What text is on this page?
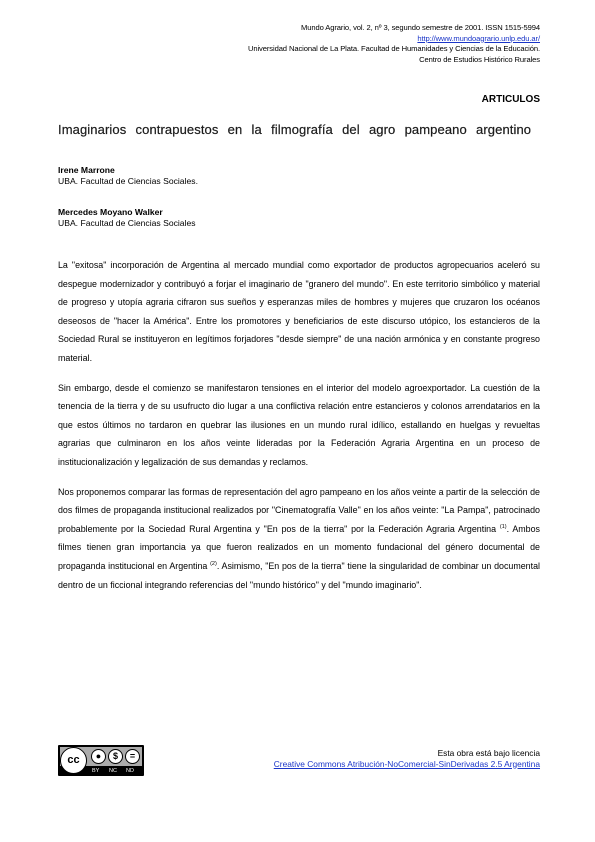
Mundo Agrario, vol. 2, nº 3, segundo semestre de 2001. ISSN 1515-5994
http://www.mundoagrario.unlp.edu.ar/
Universidad Nacional de La Plata. Facultad de Humanidades y Ciencias de la Educación.
Centro de Estudios Histórico Rurales
ARTICULOS
Imaginarios contrapuestos en la filmografía del agro pampeano argentino
Irene Marrone
UBA. Facultad de Ciencias Sociales.
Mercedes Moyano Walker
UBA. Facultad de Ciencias Sociales

La "exitosa" incorporación de Argentina al mercado mundial como exportador de productos agropecuarios aceleró su despegue modernizador y contribuyó a forjar el imaginario de "granero del mundo". En este territorio simbólico y material de progreso y utopía agraria cifraron sus sueños y esperanzas miles de hombres y mujeres que cruzaron los océanos deseosos de "hacer la América". Entre los promotores y beneficiarios de este discurso utópico, los estancieros de la Sociedad Rural se instituyeron en legítimos forjadores "desde siempre" de una nación armónica y en constante progreso material.

Sin embargo, desde el comienzo se manifestaron tensiones en el interior del modelo agroexportador. La cuestión de la tenencia de la tierra y de su usufructo dio lugar a una conflictiva relación entre estancieros y colonos arrendatarios en la que estos últimos no tardaron en quebrar las ilusiones en un mundo rural idílico, estallando en huelgas y revueltas agrarias que culminaron en los años veinte lideradas por la Federación Agraria Argentina en un proceso de institucionalización y legalización de sus demandas y reclamos.

Nos proponemos comparar las formas de representación del agro pampeano en los años veinte a partir de la selección de dos filmes de propaganda institucional realizados por "Cinematografía Valle" en los años veinte: "La Pampa", patrocinado probablemente por la Sociedad Rural Argentina y "En pos de la tierra" por la Federación Agraria Argentina $^{(1)}$. Ambos filmes tienen gran importancia ya que fueron realizados en un momento fundacional del género documental de propaganda institucional en Argentina $^{(2)}$. Asimismo, "En pos de la tierra" tiene la singularidad de combinar un documental dentro de un ficcional integrando referencias del "mundo histórico" y del "mundo imaginario".

cc	●	$	=
BY NC ND
Esta obra está bajo licencia
Creative Commons Atribución-NoComercial-SinDerivadas 2.5 Argentina
